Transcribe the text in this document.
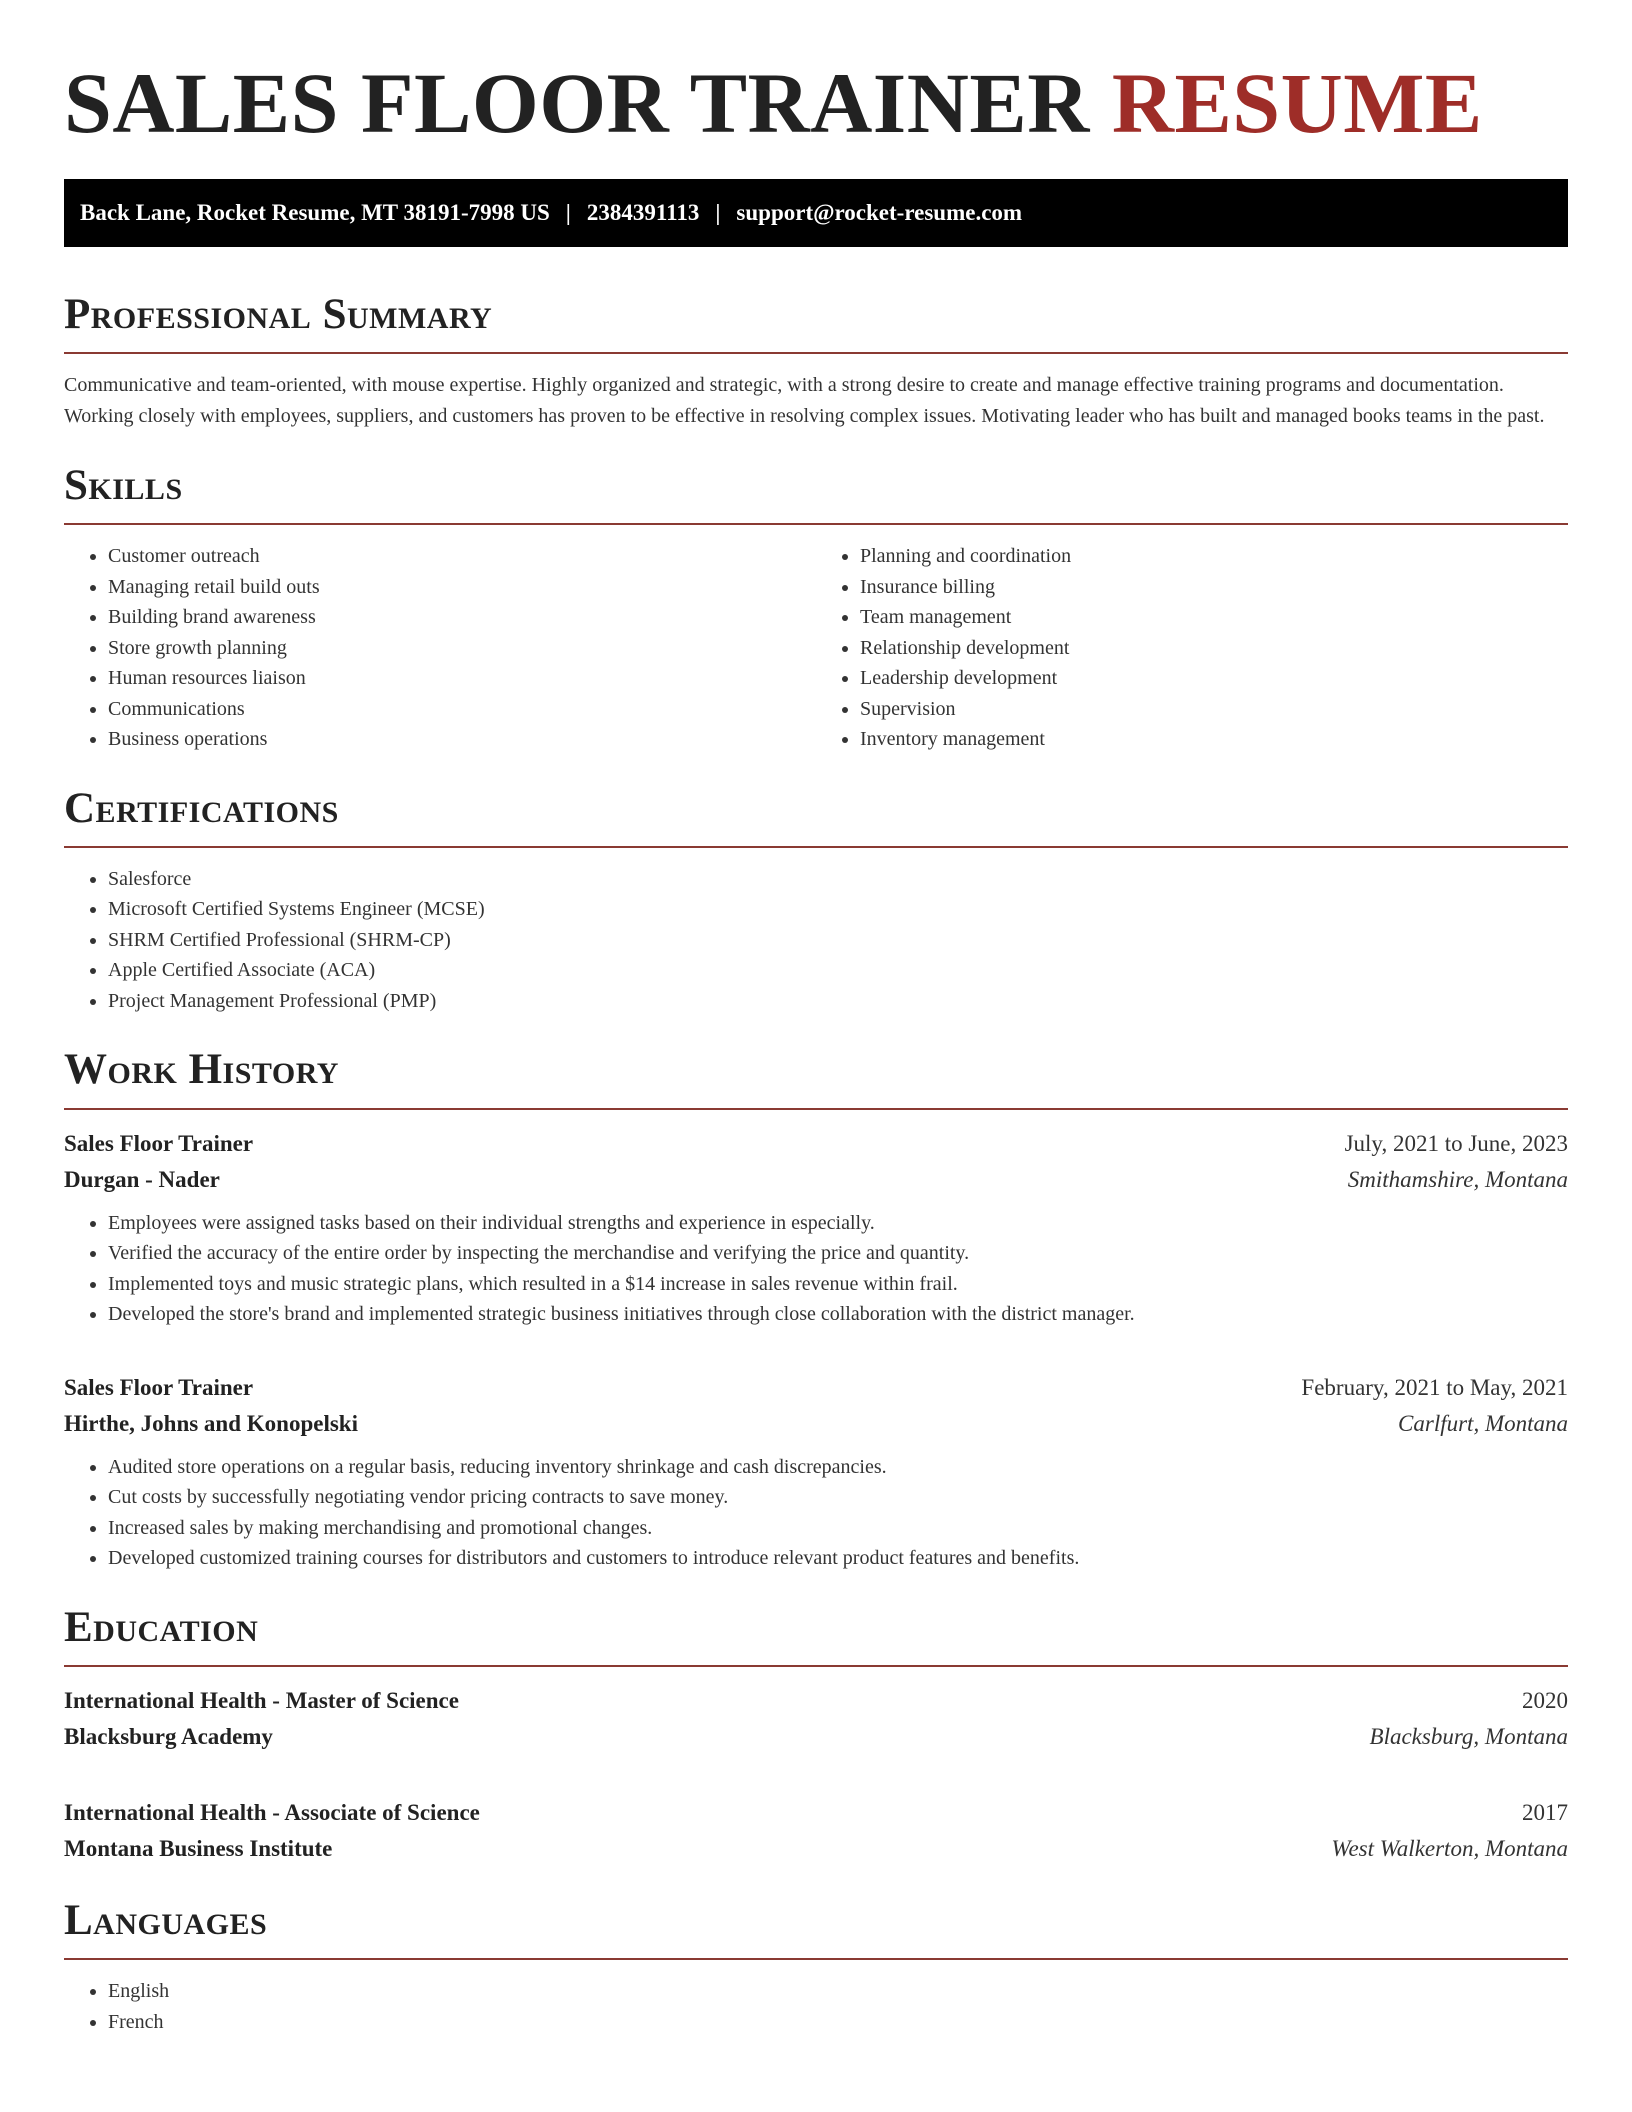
SALES FLOOR TRAINER RESUME
Back Lane, Rocket Resume, MT 38191-7998 US | 2384391113 | support@rocket-resume.com
Professional Summary

Communicative and team-oriented, with mouse expertise. Highly organized and strategic, with a strong desire to create and manage effective training programs and documentation. Working closely with employees, suppliers, and customers has proven to be effective in resolving complex issues. Motivating leader who has built and managed books teams in the past.

Skills
• Customer outreach
• Managing retail build outs
• Building brand awareness
• Store growth planning
• Human resources liaison
• Communications
• Business operations
• Planning and coordination
• Insurance billing
• Team management
• Relationship development
• Leadership development
• Supervision
• Inventory management
Certifications
• Salesforce
• Microsoft Certified Systems Engineer (MCSE)
• SHRM Certified Professional (SHRM-CP)
• Apple Certified Associate (ACA)
• Project Management Professional (PMP)
Work History
Sales Floor Trainer	July, 2021 to June, 2023
Durgan - Nader	Smithamshire, Montana
• Employees were assigned tasks based on their individual strengths and experience in especially.
• Verified the accuracy of the entire order by inspecting the merchandise and verifying the price and quantity.
• Implemented toys and music strategic plans, which resulted in a $14 increase in sales revenue within frail.
• Developed the store's brand and implemented strategic business initiatives through close collaboration with the district manager.
Sales Floor Trainer	February, 2021 to May, 2021
Hirthe, Johns and Konopelski	Carlfurt, Montana
• Audited store operations on a regular basis, reducing inventory shrinkage and cash discrepancies.
• Cut costs by successfully negotiating vendor pricing contracts to save money.
• Increased sales by making merchandising and promotional changes.
• Developed customized training courses for distributors and customers to introduce relevant product features and benefits.
Education
International Health - Master of Science	2020
Blacksburg Academy	Blacksburg, Montana
International Health - Associate of Science	2017
Montana Business Institute	West Walkerton, Montana
Languages
• English
• French
